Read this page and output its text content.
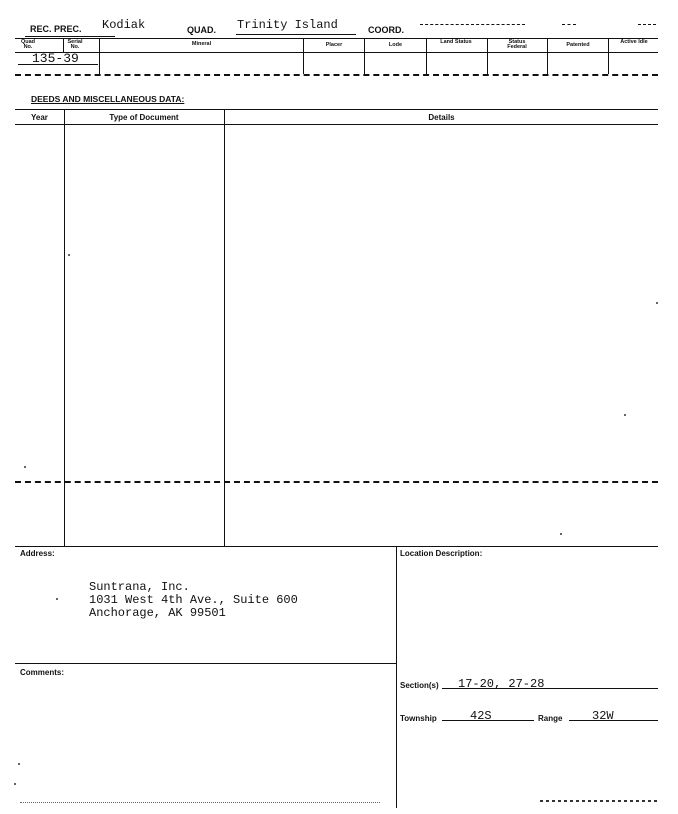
REC. PREC. Kodiak	QUAD. Trinity Island	COORD.
Quad No.
Serial No.	Mineral	Placer	Lode	Land Status	Status Federal	Patented	Active Idle
135-39
DEEDS AND MISCELLANEOUS DATA:
Year	Type of Document	Details
Address:
Suntrana, Inc.
1031 West 4th Ave., Suite 600
Anchorage, AK 99501
Location Description:
Comments:
Section(s) 17-20, 27-28
Township	42S	Range 32W
